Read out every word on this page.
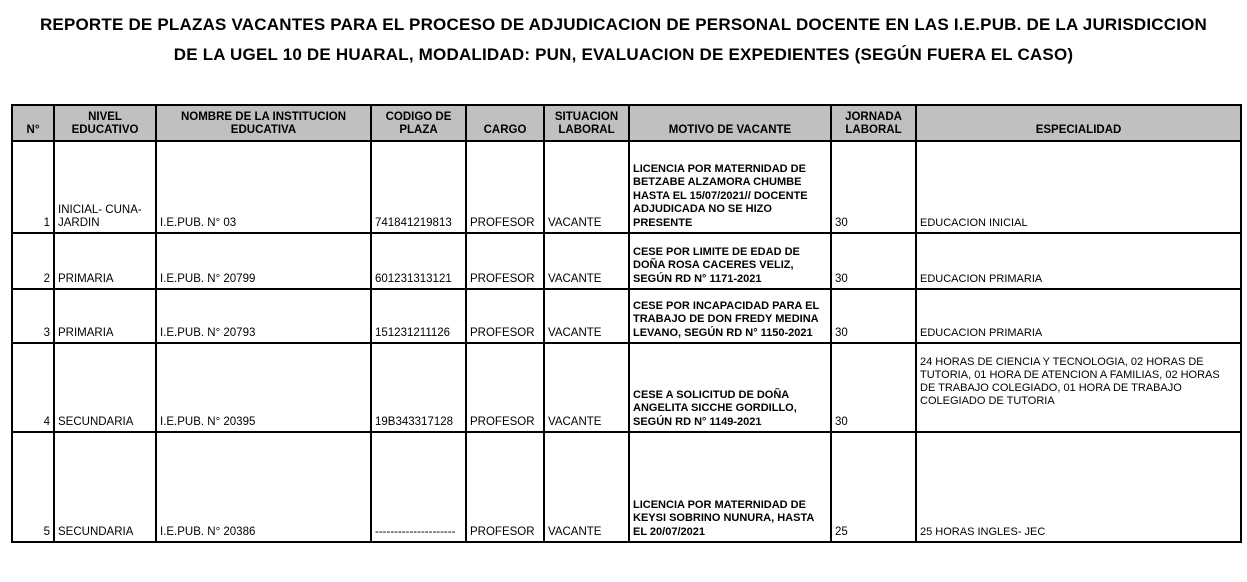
REPORTE DE PLAZAS VACANTES PARA EL PROCESO DE ADJUDICACION DE PERSONAL DOCENTE EN LAS I.E.PUB. DE LA JURISDICCION DE LA UGEL 10 DE HUARAL, MODALIDAD: PUN, EVALUACION DE EXPEDIENTES (SEGÚN FUERA EL CASO)
N°	NIVEL EDUCATIVO	NOMBRE DE LA INSTITUCION EDUCATIVA	CODIGO DE PLAZA	CARGO	SITUACION LABORAL	MOTIVO DE VACANTE	JORNADA LABORAL	ESPECIALIDAD
1	INICIAL- CUNA- JARDIN	I.E.PUB. N° 03	741841219813	PROFESOR	VACANTE	LICENCIA POR MATERNIDAD DE BETZABE ALZAMORA CHUMBE HASTA EL 15/07/2021// DOCENTE ADJUDICADA NO SE HIZO PRESENTE	30	EDUCACION INICIAL
2	PRIMARIA	I.E.PUB. N° 20799	601231313121	PROFESOR	VACANTE	CESE POR LIMITE DE EDAD DE DOÑA ROSA CACERES VELIZ, SEGÚN RD N° 1171-2021	30	EDUCACION PRIMARIA
3	PRIMARIA	I.E.PUB. N° 20793	151231211126	PROFESOR	VACANTE	CESE POR INCAPACIDAD PARA EL TRABAJO DE DON FREDY MEDINA LEVANO, SEGÚN RD N° 1150-2021	30	EDUCACION PRIMARIA
4	SECUNDARIA	I.E.PUB. N° 20395	19B343317128	PROFESOR	VACANTE	CESE A SOLICITUD DE DOÑA ANGELITA SICCHE GORDILLO, SEGÚN RD N° 1149-2021	30	24 HORAS DE CIENCIA Y TECNOLOGIA, 02 HORAS DE TUTORIA, 01 HORA DE ATENCION A FAMILIAS, 02 HORAS DE TRABAJO COLEGIADO, 01 HORA DE TRABAJO COLEGIADO DE TUTORIA
5	SECUNDARIA	I.E.PUB. N° 20386	---------------------	PROFESOR	VACANTE	LICENCIA POR MATERNIDAD DE KEYSI SOBRINO NUNURA, HASTA EL 20/07/2021	25	25 HORAS INGLES- JEC
